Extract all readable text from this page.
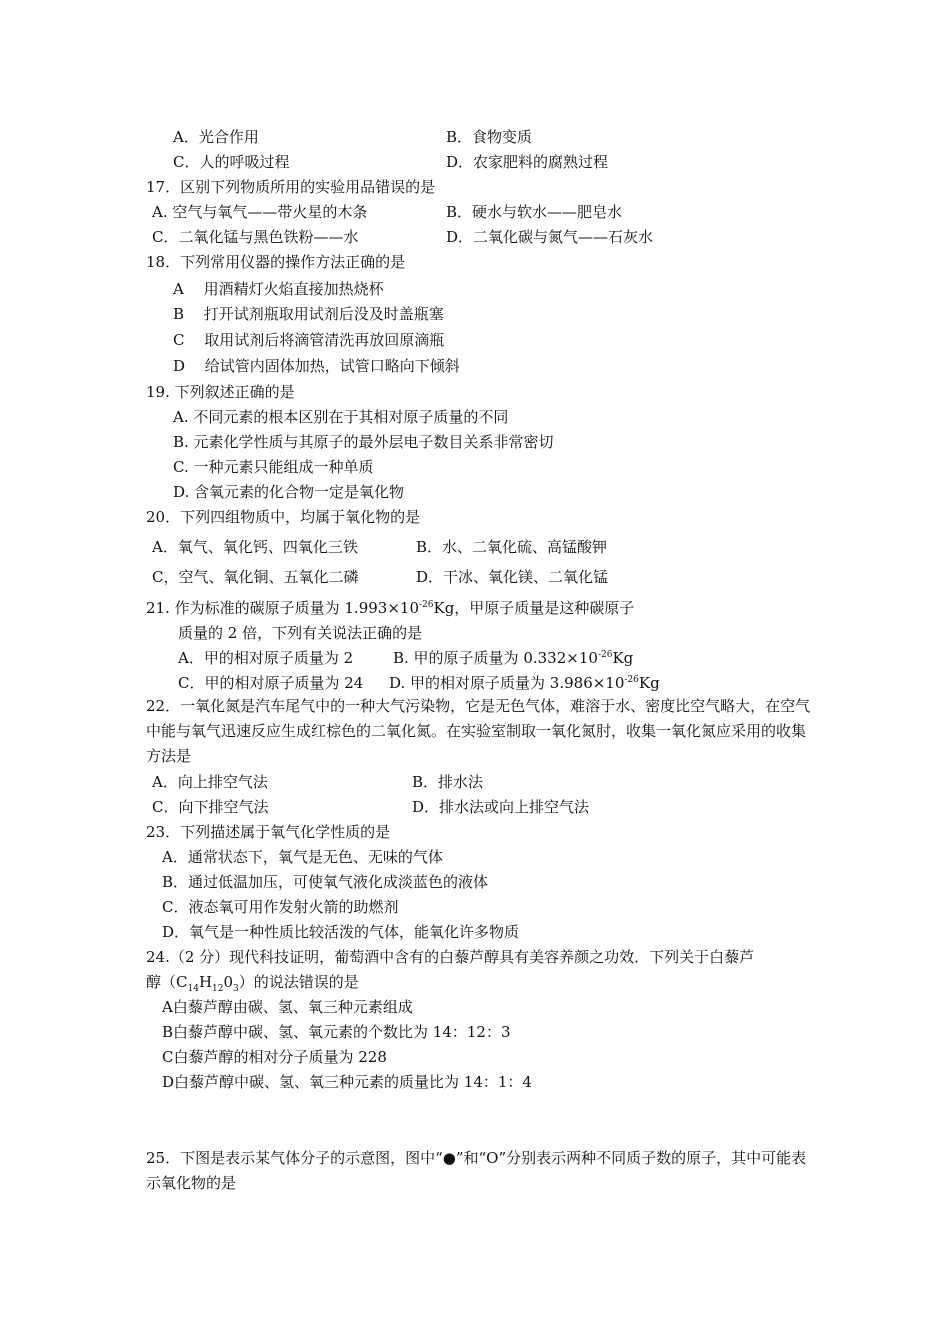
A．光合作用	B．食物变质
C．人的呼吸过程	D．农家肥料的腐熟过程
17．区别下列物质所用的实验用品错误的是
A. 空气与氧气——带火星的木条	B．硬水与软水——肥皂水
C．二氧化锰与黑色铁粉——水	D．二氧化碳与氮气——石灰水
18．下列常用仪器的操作方法正确的是
A　 用酒精灯火焰直接加热烧杯
B　 打开试剂瓶取用试剂后没及时盖瓶塞
C　 取用试剂后将滴管清洗再放回原滴瓶
D　 给试管内固体加热，试管口略向下倾斜
19. 下列叙述正确的是
A. 不同元素的根本区别在于其相对原子质量的不同
B. 元素化学性质与其原子的最外层电子数目关系非常密切
C. 一种元素只能组成一种单质
D. 含氧元素的化合物一定是氧化物
20．下列四组物质中，均属于氧化物的是
A．氧气、氧化钙、四氧化三铁	B．水、二氧化硫、高锰酸钾
C，空气、氧化铜、五氧化二磷	D．干冰、氧化镁、二氧化锰
21. 作为标准的碳原子质量为 $1.993\times 10^{-26}Kg$，甲原子质量是这种碳原子
质量的 2 倍，下列有关说法正确的是
A．甲的相对原子质量为 2	B. 甲的原子质量为 $0.332\times 10^{-26}Kg$
C．甲的相对原子质量为 24 D. 甲的相对原子质量为 $3.986\times 10^{-26}Kg$
22．一氧化氮是汽车尾气中的一种大气污染物，它是无色气体，难溶于水、密度比空气略大，在空气中能与氧气迅速反应生成红棕色的二氧化氮。在实验室制取一氧化氮肘，收集一氧化氮应采用的收集方法是
A．向上排空气法	B．排水法
C．向下排空气法	D．排水法或向上排空气法
23．下列描述属于氧气化学性质的是
A．通常状态下，氧气是无色、无味的气体
B．通过低温加压，可使氧气液化成淡蓝色的液体
C．液态氧可用作发射火箭的助燃剂
D．氧气是一种性质比较活泼的气体，能氧化许多物质
24.（2 分）现代科技证明，葡萄酒中含有的白藜芦醇具有美容养颜之功效．下列关于白藜芦
醇$(C_{14}H_{12}0_3)$的说法错误的是
A白藜芦醇由碳、氢、氧三种元素组成
B白藜芦醇中碳、氢、氧元素的个数比为 14：12：3
C白藜芦醇的相对分子质量为 228
D白藜芦醇中碳、氢、氧三种元素的质量比为 14：1：4
25．下图是表示某气体分子的示意图，图中“●”和“O”分别表示两种不同质子数的原子，其中可能表示氧化物的是
